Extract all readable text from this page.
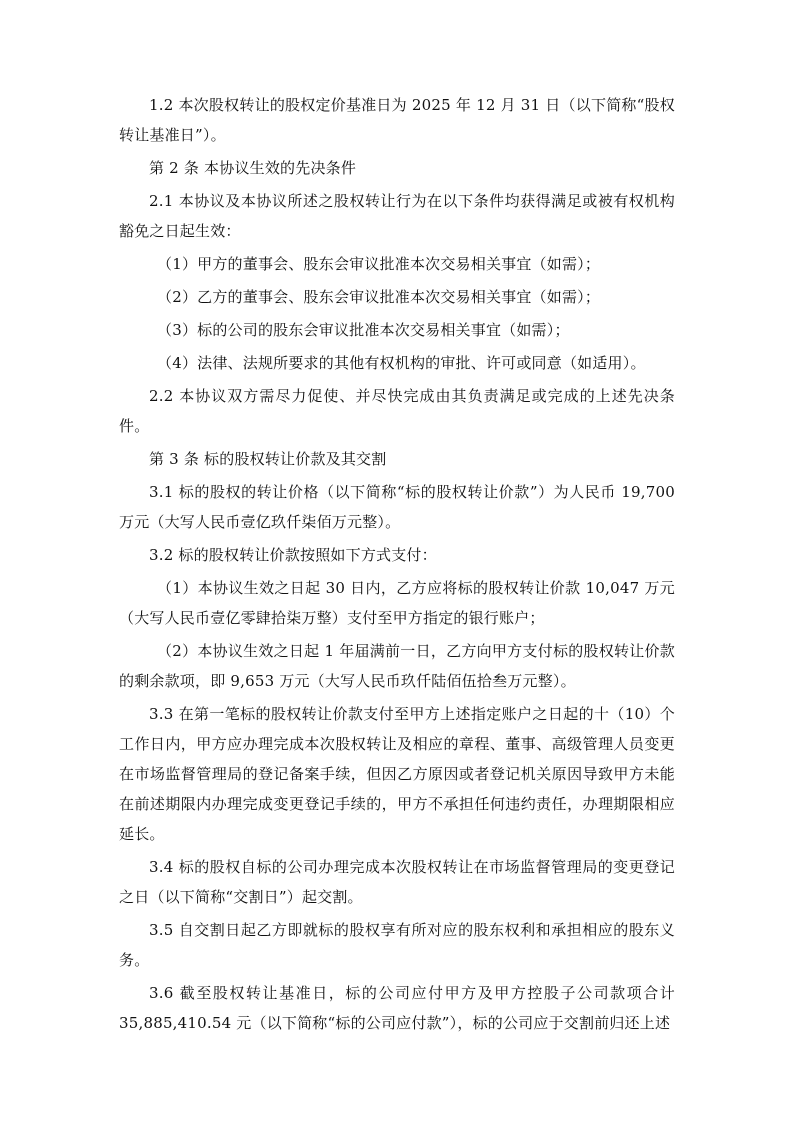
1.2 本次股权转让的股权定价基准日为 2025 年 12 月 31 日（以下简称“股权转让基准日”）。

第 2 条 本协议生效的先决条件

2.1 本协议及本协议所述之股权转让行为在以下条件均获得满足或被有权机构豁免之日起生效：

（1）甲方的董事会、股东会审议批准本次交易相关事宜（如需）；

（2）乙方的董事会、股东会审议批准本次交易相关事宜（如需）；

（3）标的公司的股东会审议批准本次交易相关事宜（如需）；

（4）法律、法规所要求的其他有权机构的审批、许可或同意（如适用）。

2.2 本协议双方需尽力促使、并尽快完成由其负责满足或完成的上述先决条件。

第 3 条 标的股权转让价款及其交割

3.1 标的股权的转让价格（以下简称“标的股权转让价款”）为人民币 19,700 万元（大写人民币壹亿玖仟柒佰万元整）。

3.2 标的股权转让价款按照如下方式支付：

（1）本协议生效之日起 30 日内，乙方应将标的股权转让价款 10,047 万元（大写人民币壹亿零肆拾柒万整）支付至甲方指定的银行账户；

（2）本协议生效之日起 1 年届满前一日，乙方向甲方支付标的股权转让价款的剩余款项，即 9,653 万元（大写人民币玖仟陆佰伍拾叁万元整）。

3.3 在第一笔标的股权转让价款支付至甲方上述指定账户之日起的十（10）个工作日内，甲方应办理完成本次股权转让及相应的章程、董事、高级管理人员变更在市场监督管理局的登记备案手续，但因乙方原因或者登记机关原因导致甲方未能在前述期限内办理完成变更登记手续的，甲方不承担任何违约责任，办理期限相应延长。

3.4 标的股权自标的公司办理完成本次股权转让在市场监督管理局的变更登记之日（以下简称“交割日”）起交割。

3.5 自交割日起乙方即就标的股权享有所对应的股东权利和承担相应的股东义务。

3.6 截至股权转让基准日，标的公司应付甲方及甲方控股子公司款项合计 35,885,410.54 元（以下简称“标的公司应付款”），标的公司应于交割前归还上述
